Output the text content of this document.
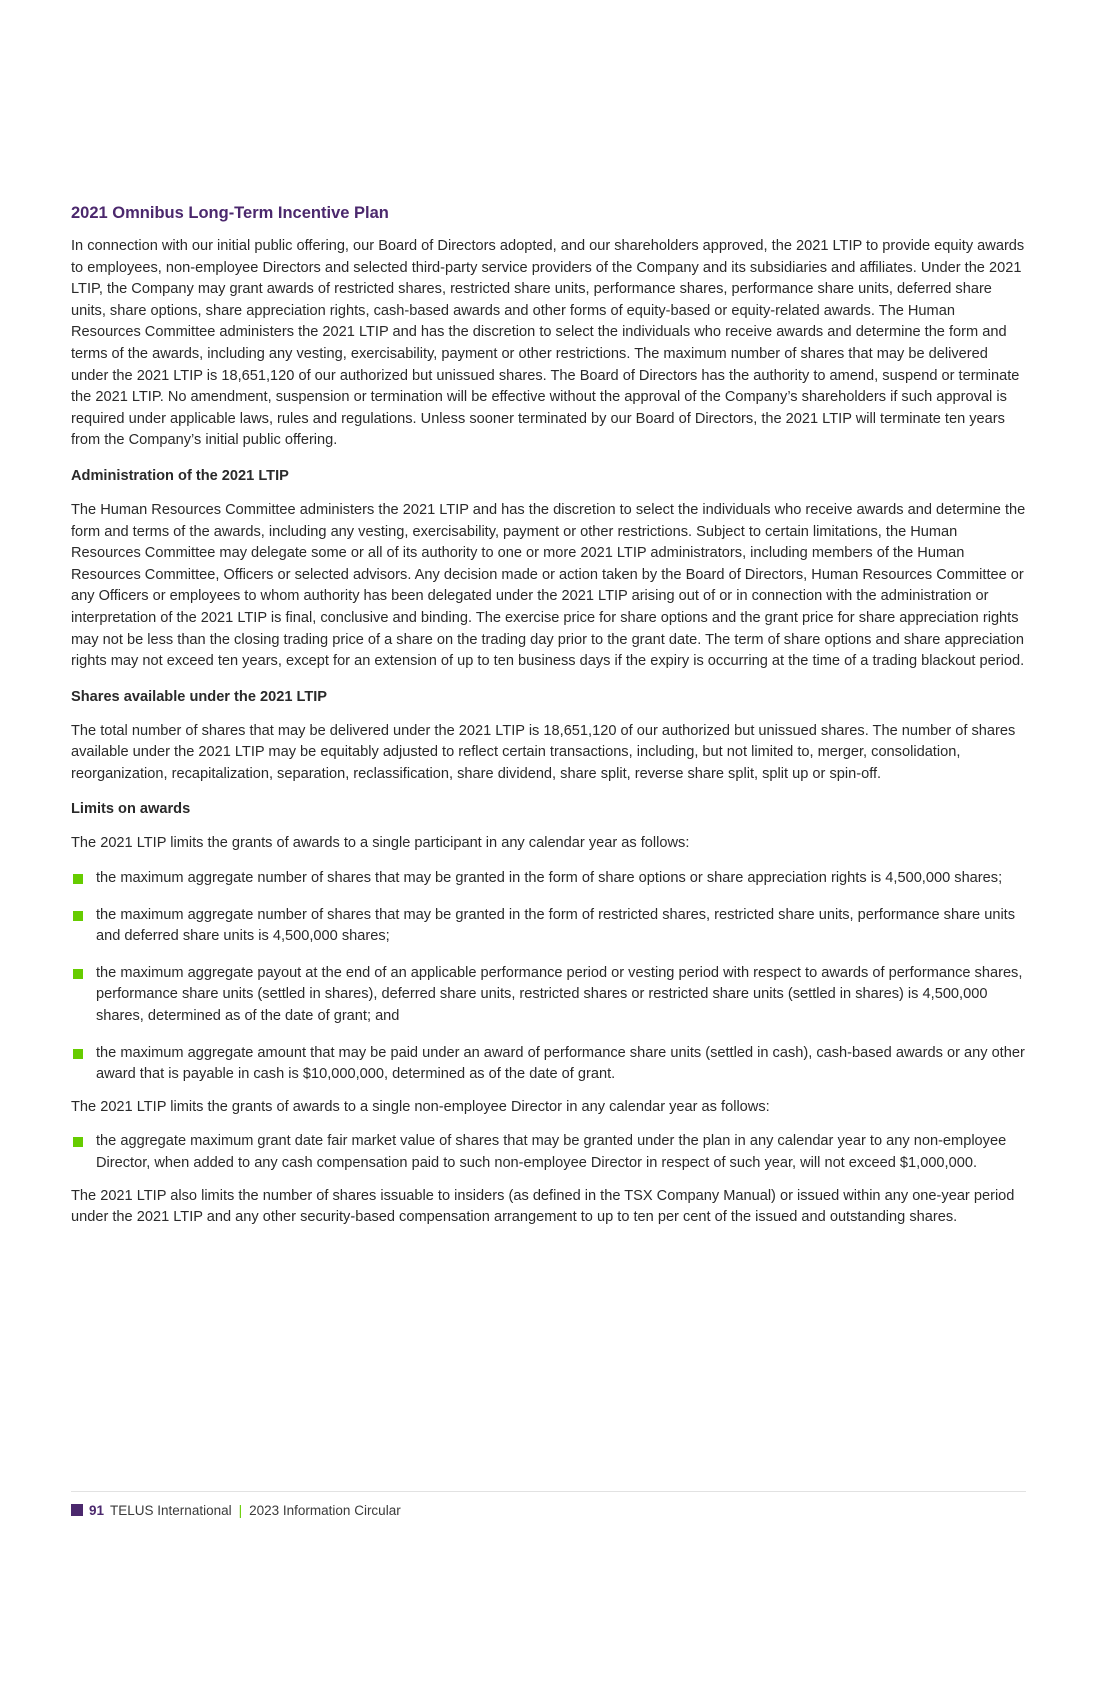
2021 Omnibus Long-Term Incentive Plan

In connection with our initial public offering, our Board of Directors adopted, and our shareholders approved, the 2021 LTIP to provide equity awards to employees, non-employee Directors and selected third-party service providers of the Company and its subsidiaries and affiliates. Under the 2021 LTIP, the Company may grant awards of restricted shares, restricted share units, performance shares, performance share units, deferred share units, share options, share appreciation rights, cash-based awards and other forms of equity-based or equity-related awards. The Human Resources Committee administers the 2021 LTIP and has the discretion to select the individuals who receive awards and determine the form and terms of the awards, including any vesting, exercisability, payment or other restrictions. The maximum number of shares that may be delivered under the 2021 LTIP is 18,651,120 of our authorized but unissued shares. The Board of Directors has the authority to amend, suspend or terminate the 2021 LTIP. No amendment, suspension or termination will be effective without the approval of the Company’s shareholders if such approval is required under applicable laws, rules and regulations. Unless sooner terminated by our Board of Directors, the 2021 LTIP will terminate ten years from the Company’s initial public offering.

Administration of the 2021 LTIP

The Human Resources Committee administers the 2021 LTIP and has the discretion to select the individuals who receive awards and determine the form and terms of the awards, including any vesting, exercisability, payment or other restrictions. Subject to certain limitations, the Human Resources Committee may delegate some or all of its authority to one or more 2021 LTIP administrators, including members of the Human Resources Committee, Officers or selected advisors. Any decision made or action taken by the Board of Directors, Human Resources Committee or any Officers or employees to whom authority has been delegated under the 2021 LTIP arising out of or in connection with the administration or interpretation of the 2021 LTIP is final, conclusive and binding. The exercise price for share options and the grant price for share appreciation rights may not be less than the closing trading price of a share on the trading day prior to the grant date. The term of share options and share appreciation rights may not exceed ten years, except for an extension of up to ten business days if the expiry is occurring at the time of a trading blackout period.

Shares available under the 2021 LTIP

The total number of shares that may be delivered under the 2021 LTIP is 18,651,120 of our authorized but unissued shares. The number of shares available under the 2021 LTIP may be equitably adjusted to reflect certain transactions, including, but not limited to, merger, consolidation, reorganization, recapitalization, separation, reclassification, share dividend, share split, reverse share split, split up or spin-off.

Limits on awards

The 2021 LTIP limits the grants of awards to a single participant in any calendar year as follows:

the maximum aggregate number of shares that may be granted in the form of share options or share appreciation rights is 4,500,000 shares;
the maximum aggregate number of shares that may be granted in the form of restricted shares, restricted share units, performance share units and deferred share units is 4,500,000 shares;
the maximum aggregate payout at the end of an applicable performance period or vesting period with respect to awards of performance shares, performance share units (settled in shares), deferred share units, restricted shares or restricted share units (settled in shares) is 4,500,000 shares, determined as of the date of grant; and
the maximum aggregate amount that may be paid under an award of performance share units (settled in cash), cash-based awards or any other award that is payable in cash is $10,000,000, determined as of the date of grant.

The 2021 LTIP limits the grants of awards to a single non-employee Director in any calendar year as follows:

the aggregate maximum grant date fair market value of shares that may be granted under the plan in any calendar year to any non-employee Director, when added to any cash compensation paid to such non-employee Director in respect of such year, will not exceed $1,000,000.

The 2021 LTIP also limits the number of shares issuable to insiders (as defined in the TSX Company Manual) or issued within any one-year period under the 2021 LTIP and any other security-based compensation arrangement to up to ten per cent of the issued and outstanding shares.

91 TELUS International | 2023 Information Circular
